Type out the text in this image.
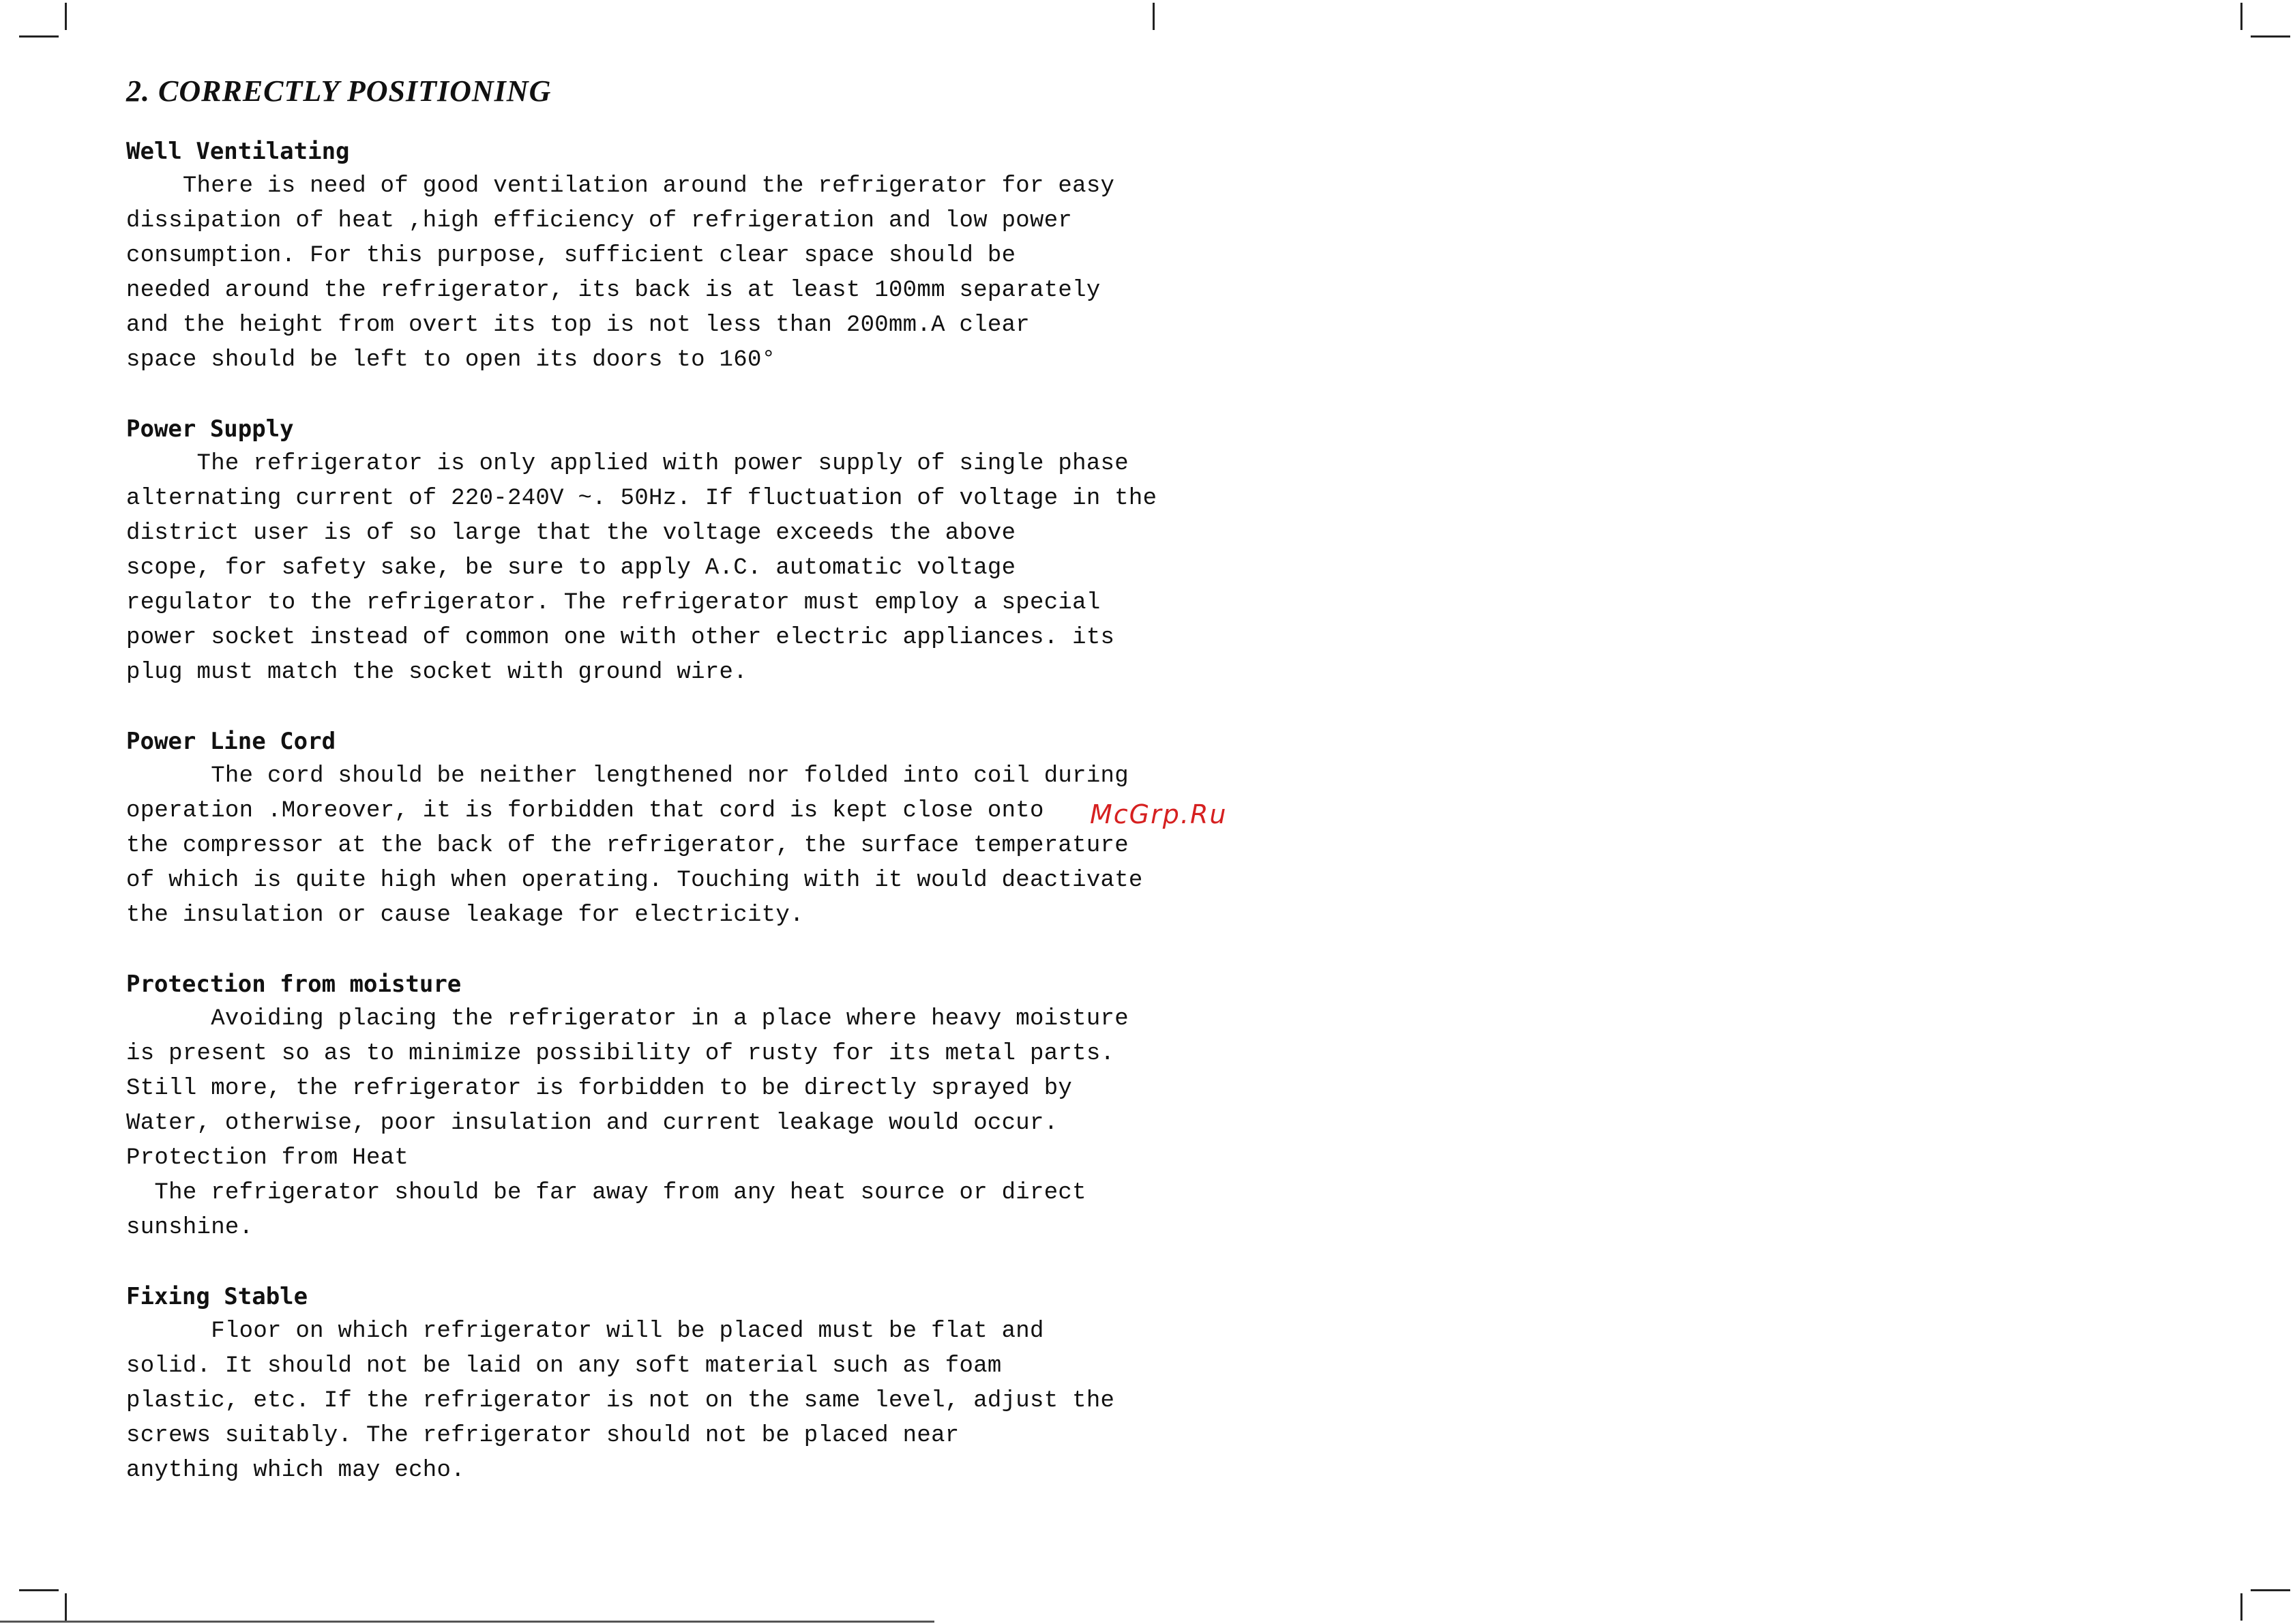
2. CORRECTLY POSITIONING
Well Ventilating
There is need of good ventilation around the refrigerator for easy
dissipation of heat ,high efficiency of refrigeration and low power
consumption. For this purpose, sufficient clear space should be
needed around the refrigerator, its back is at least 100mm separately
and the height from overt its top is not less than 200mm.A clear
space should be left to open its doors to 160°
Power Supply
The refrigerator is only applied with power supply of single phase
alternating current of 220-240V ~. 50Hz. If fluctuation of voltage in the
district user is of so large that the voltage exceeds the above
scope, for safety sake, be sure to apply A.C. automatic voltage
regulator to the refrigerator. The refrigerator must employ a special
power socket instead of common one with other electric appliances. its
plug must match the socket with ground wire.
Power Line Cord
The cord should be neither lengthened nor folded into coil during
operation .Moreover, it is forbidden that cord is kept close onto
the compressor at the back of the refrigerator, the surface temperature
of which is quite high when operating. Touching with it would deactivate
the insulation or cause leakage for electricity.
Protection from moisture
Avoiding placing the refrigerator in a place where heavy moisture
is present so as to minimize possibility of rusty for its metal parts.
Still more, the refrigerator is forbidden to be directly sprayed by
Water, otherwise, poor insulation and current leakage would occur.
Protection from Heat
The refrigerator should be far away from any heat source or direct
sunshine.
Fixing Stable
Floor on which refrigerator will be placed must be flat and
solid. It should not be laid on any soft material such as foam
plastic, etc. If the refrigerator is not on the same level, adjust the
screws suitably. The refrigerator should not be placed near
anything which may echo.
McGrp.Ru
